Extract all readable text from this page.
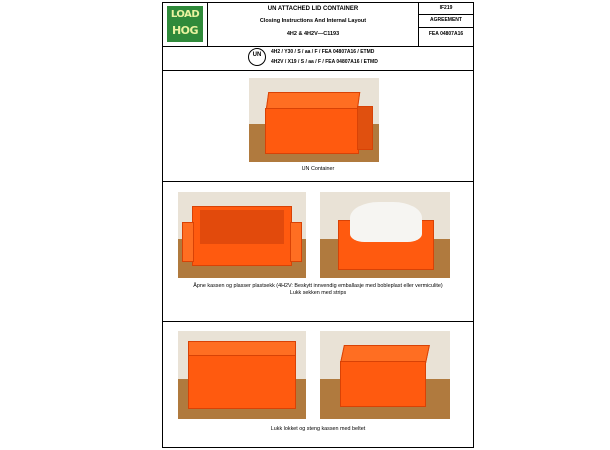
LOAD
HOG
UN ATTACHED LID CONTAINER
Closing Instructions And Internal Layout
4H2 & 4H2V—C1193
IF219
AGREEMENT
FEA 04807A16
UN	4H2 / Y30 / S / aa / F / FEA 04807A16 / ETMD
4H2V / X19 / S / aa / F / FEA 04807A16 / ETMD
UN Container
Åpne kassen og plasser plastsekk (4H2V: Beskytt innvendig emballasje med bobleplast eller vermiculite)
Lukk sekken med strips
Lukk lokket og steng kassen med beltet
